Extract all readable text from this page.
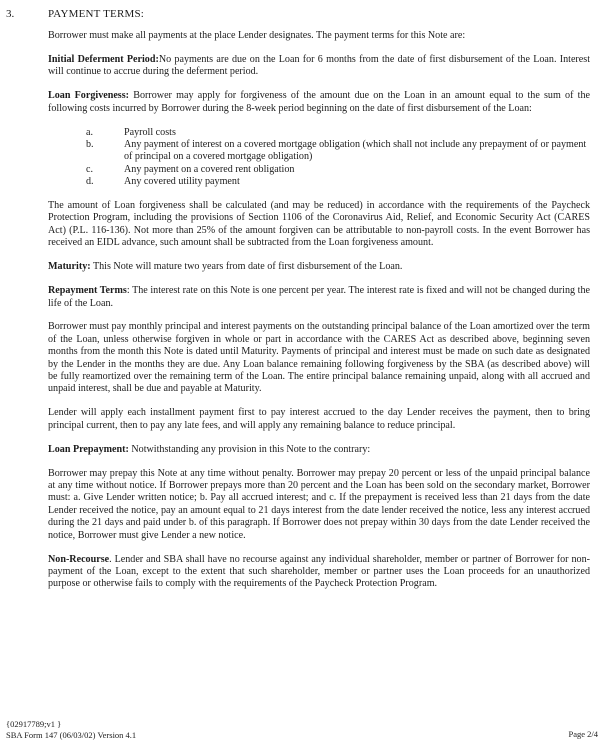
3.	PAYMENT TERMS:

Borrower must make all payments at the place Lender designates. The payment terms for this Note are:

Initial Deferment Period:No payments are due on the Loan for 6 months from the date of first disbursement of the Loan. Interest will continue to accrue during the deferment period.

Loan Forgiveness: Borrower may apply for forgiveness of the amount due on the Loan in an amount equal to the sum of the following costs incurred by Borrower during the 8-week period beginning on the date of first disbursement of the Loan:

a.	Payroll costs
b.	Any payment of interest on a covered mortgage obligation (which shall not include any prepayment of or payment of principal on a covered mortgage obligation)
c.	Any payment on a covered rent obligation
d.	Any covered utility payment

The amount of Loan forgiveness shall be calculated (and may be reduced) in accordance with the requirements of the Paycheck Protection Program, including the provisions of Section 1106 of the Coronavirus Aid, Relief, and Economic Security Act (CARES Act) (P.L. 116-136). Not more than 25% of the amount forgiven can be attributable to non-payroll costs. In the event Borrower has received an EIDL advance, such amount shall be subtracted from the Loan forgiveness amount.

Maturity: This Note will mature two years from date of first disbursement of the Loan.

Repayment Terms: The interest rate on this Note is one percent per year. The interest rate is fixed and will not be changed during the life of the Loan.

Borrower must pay monthly principal and interest payments on the outstanding principal balance of the Loan amortized over the term of the Loan, unless otherwise forgiven in whole or part in accordance with the CARES Act as described above, beginning seven months from the month this Note is dated until Maturity. Payments of principal and interest must be made on such date as designated by the Lender in the months they are due. Any Loan balance remaining following forgiveness by the SBA (as described above) will be fully reamortized over the remaining term of the Loan. The entire principal balance remaining unpaid, along with all accrued and unpaid interest, shall be due and payable at Maturity.

Lender will apply each installment payment first to pay interest accrued to the day Lender receives the payment, then to bring principal current, then to pay any late fees, and will apply any remaining balance to reduce principal.

Loan Prepayment: Notwithstanding any provision in this Note to the contrary:

Borrower may prepay this Note at any time without penalty. Borrower may prepay 20 percent or less of the unpaid principal balance at any time without notice. If Borrower prepays more than 20 percent and the Loan has been sold on the secondary market, Borrower must: a. Give Lender written notice; b. Pay all accrued interest; and c. If the prepayment is received less than 21 days from the date Lender received the notice, pay an amount equal to 21 days interest from the date lender received the notice, less any interest accrued during the 21 days and paid under b. of this paragraph. If Borrower does not prepay within 30 days from the date Lender received the notice, Borrower must give Lender a new notice.

Non-Recourse. Lender and SBA shall have no recourse against any individual shareholder, member or partner of Borrower for non-payment of the Loan, except to the extent that such shareholder, member or partner uses the Loan proceeds for an unauthorized purpose or otherwise fails to comply with the requirements of the Paycheck Protection Program.

{02917789;v1 }
SBA Form 147 (06/03/02) Version 4.1	Page 2/4
